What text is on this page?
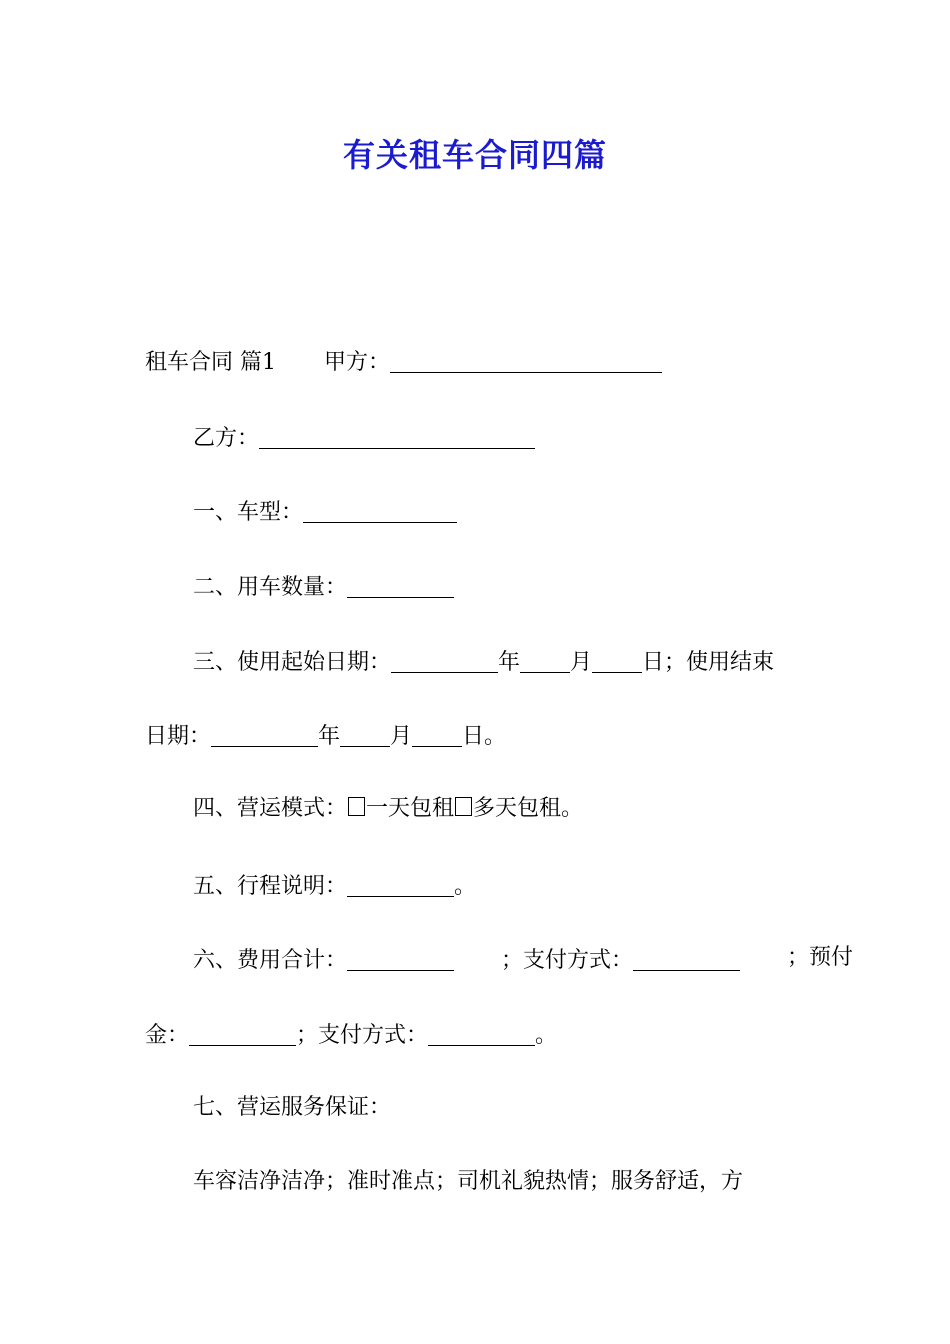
有关租车合同四篇
租车合同 篇1 甲方：
乙方：
一、车型：
二、用车数量：
三、使用起始日期：	年 月 日；使用结束
日期：	年 月 日。
四、营运模式： 一天包租 多天包租。
五、行程说明：	。
六、费用合计：	；支付方式：	；预付
金：	；支付方式：	。
七、营运服务保证：
车容洁净洁净；准时准点；司机礼貌热情；服务舒适，方
